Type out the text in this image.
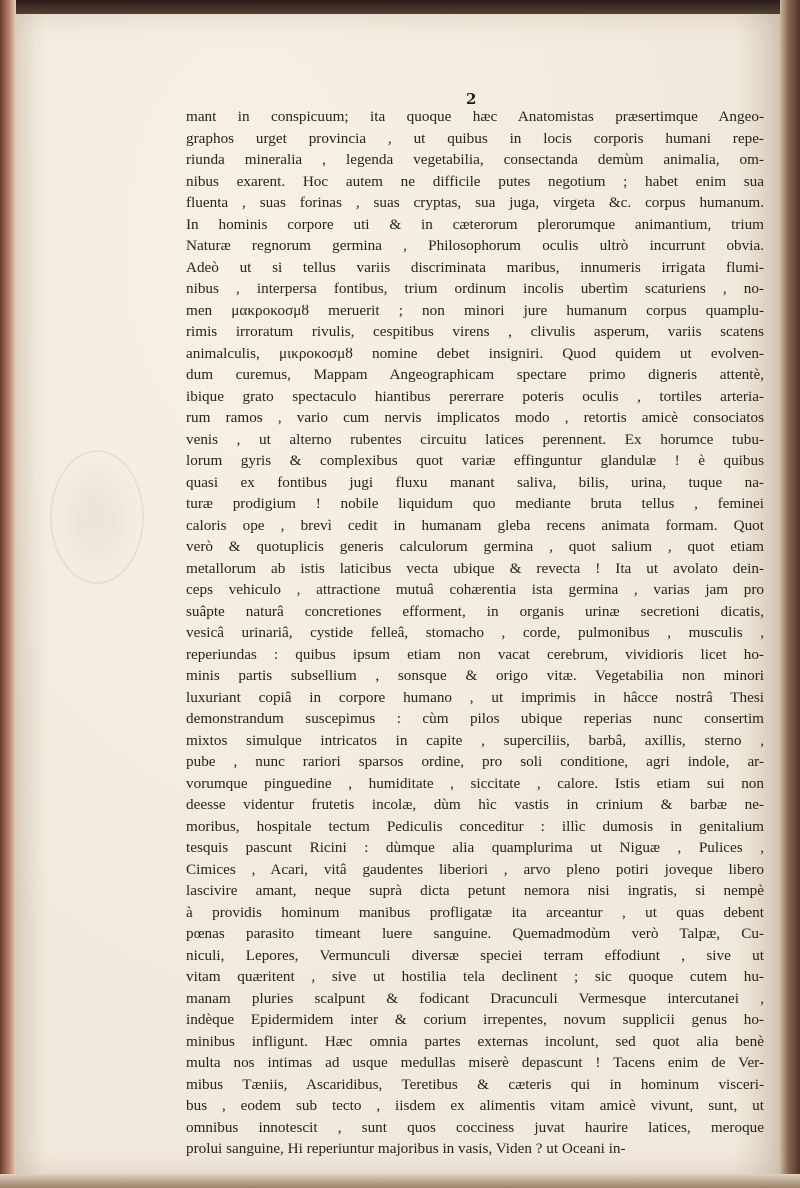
2
mant in conspicuum; ita quoque hæc Anatomistas præsertimque Angeo-
graphos urget provincia , ut quibus in locis corporis humani repe-
riunda mineralia , legenda vegetabilia, consectanda demùm animalia, om-
nibus exarent. Hoc autem ne difficile putes negotium ; habet enim sua
fluenta , suas forinas , suas cryptas, sua juga, virgeta &c. corpus humanum.
In hominis corpore uti & in cæterorum plerorumque animantium, trium
Naturæ regnorum germina , Philosophorum oculis ultrò incurrunt obvia.
Adeò ut si tellus variis discriminata maribus, innumeris irrigata flumi-
nibus , interpersa fontibus, trium ordinum incolis ubertìm scaturiens , no-
men μακροκοσμȣ meruerit ; non minori jure humanum corpus quamplu-
rimis irroratum rivulis, cespitibus virens , clivulis asperum, variis scatens
animalculis, μικροκοσμȣ nomine debet insigniri. Quod quidem ut evolven-
dum curemus, Mappam Angeographicam spectare primo digneris attentè,
ibique grato spectaculo hiantibus pererrare poteris oculis , tortiles arteria-
rum ramos , vario cum nervis implicatos modo , retortis amicè consociatos
venis , ut alterno rubentes circuitu latices perennent. Ex horumce tubu-
lorum gyris & complexibus quot variæ effinguntur glandulæ ! è quibus
quasi ex fontibus jugi fluxu manant saliva, bilis, urina, tuque na-
turæ prodigium ! nobile liquidum quo mediante bruta tellus , feminei
caloris ope , brevì cedit in humanam gleba recens animata formam. Quot
verò & quotuplicis generis calculorum germina , quot salium , quot etiam
metallorum ab istis laticibus vecta ubique & revecta ! Ita ut avolato dein-
ceps vehiculo , attractione mutuâ cohærentia ista germina , varias jam pro
suâpte naturâ concretiones efforment, in organis urinæ secretioni dicatis,
vesicâ urinariâ, cystide felleâ, stomacho , corde, pulmonibus , musculis ,
reperiundas : quibus ipsum etiam non vacat cerebrum, vividioris licet ho-
minis partis subsellium , sonsque & origo vitæ. Vegetabilia non minori
luxuriant copiâ in corpore humano , ut imprimis in hâcce nostrâ Thesi
demonstrandum suscepimus : cùm pilos ubique reperias nunc consertim
mixtos simulque intricatos in capite , superciliis, barbâ, axillis, sterno ,
pube , nunc rariori sparsos ordine, pro soli conditione, agri indole, ar-
vorumque pinguedine , humiditate , siccitate , calore. Istis etiam sui non
deesse videntur frutetis incolæ, dùm hìc vastis in crinium & barbæ ne-
moribus, hospitale tectum Pediculis conceditur : illìc dumosis in genitalium
tesquis pascunt Ricini : dùmque alia quamplurima ut Niguæ , Pulices ,
Cimices , Acari, vitâ gaudentes liberiori , arvo pleno potiri joveque libero
lascivire amant, neque suprà dicta petunt nemora nisi ingratis, si nempè
à providis hominum manibus profligatæ ita arceantur , ut quas debent
pœnas parasito timeant luere sanguine. Quemadmodùm verò Talpæ, Cu-
niculi, Lepores, Vermunculi diversæ speciei terram effodiunt , sive ut
vitam quæritent , sive ut hostilia tela declinent ; sic quoque cutem hu-
manam pluries scalpunt & fodicant Dracunculi Vermesque intercutanei ,
indèque Epidermidem inter & corium irrepentes, novum supplicii genus ho-
minibus infligunt. Hæc omnia partes externas incolunt, sed quot alia benè
multa nos intimas ad usque medullas miserè depascunt ! Tacens enim de Ver-
mibus Tæniis, Ascaridibus, Teretibus & cæteris qui in hominum visceri-
bus , eodem sub tecto , iisdem ex alimentis vitam amicè vivunt, sunt, ut
omnibus innotescit , sunt quos cocciness juvat haurire latices, meroque
prolui sanguine, Hi reperiuntur majoribus in vasis, Viden ? ut Oceani in-
